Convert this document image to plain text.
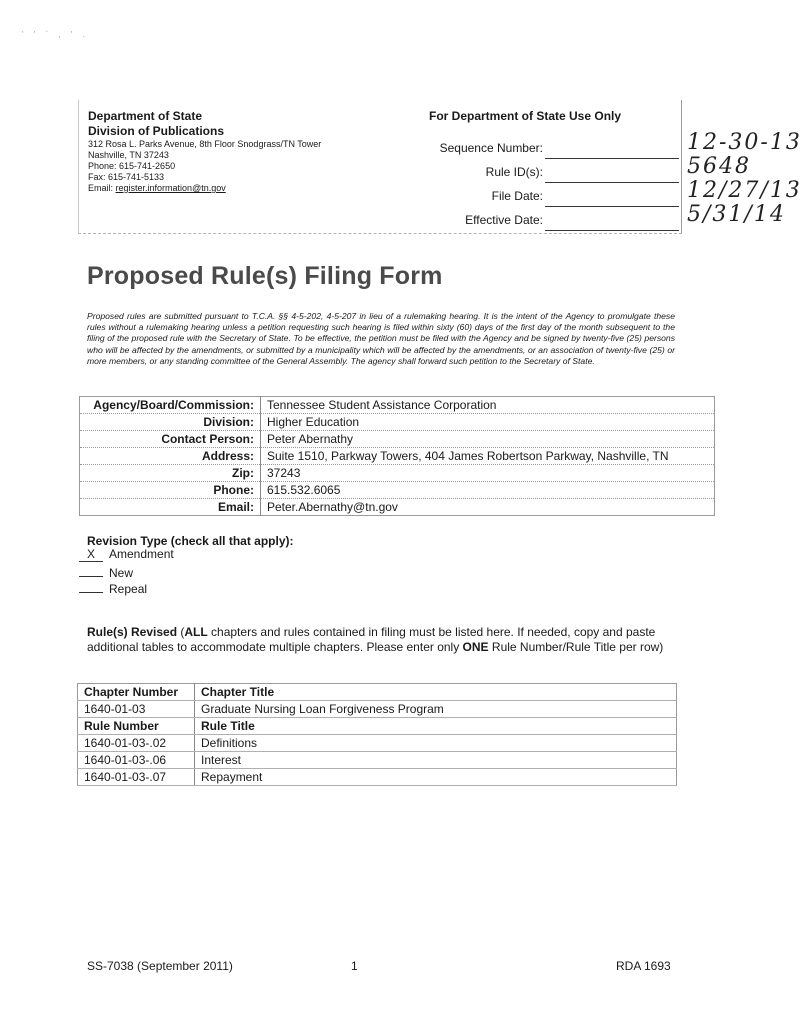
' ' ` , ' .
Department of State
Division of Publications
312 Rosa L. Parks Avenue, 8th Floor Snodgrass/TN Tower
Nashville, TN 37243
Phone: 615-741-2650
Fax: 615-741-5133
Email: register.information@tn.gov
For Department of State Use Only
Sequence Number:	12-30-13
Rule ID(s):	5648
File Date:	12/27/13
Effective Date:	5/31/14
Proposed Rule(s) Filing Form
Proposed rules are submitted pursuant to T.C.A. §§ 4-5-202, 4-5-207 in lieu of a rulemaking hearing. It is the intent of the Agency to promulgate these rules without a rulemaking hearing unless a petition requesting such hearing is filed within sixty (60) days of the first day of the month subsequent to the filing of the proposed rule with the Secretary of State. To be effective, the petition must be filed with the Agency and be signed by twenty-five (25) persons who will be affected by the amendments, or submitted by a municipality which will be affected by the amendments, or an association of twenty-five (25) or more members, or any standing committee of the General Assembly. The agency shall forward such petition to the Secretary of State.
Agency/Board/Commission:	Tennessee Student Assistance Corporation
Division:	Higher Education
Contact Person:	Peter Abernathy
Address:	Suite 1510, Parkway Towers, 404 James Robertson Parkway, Nashville, TN
Zip:	37243
Phone:	615.532.6065
Email:	Peter.Abernathy@tn.gov
Revision Type (check all that apply):
X Amendment
New
Repeal
Rule(s) Revised (ALL chapters and rules contained in filing must be listed here. If needed, copy and paste additional tables to accommodate multiple chapters. Please enter only ONE Rule Number/Rule Title per row)
Chapter Number	Chapter Title
1640-01-03	Graduate Nursing Loan Forgiveness Program
Rule Number	Rule Title
1640-01-03-.02	Definitions
1640-01-03-.06	Interest
1640-01-03-.07	Repayment
SS-7038 (September 2011)	1	RDA 1693
